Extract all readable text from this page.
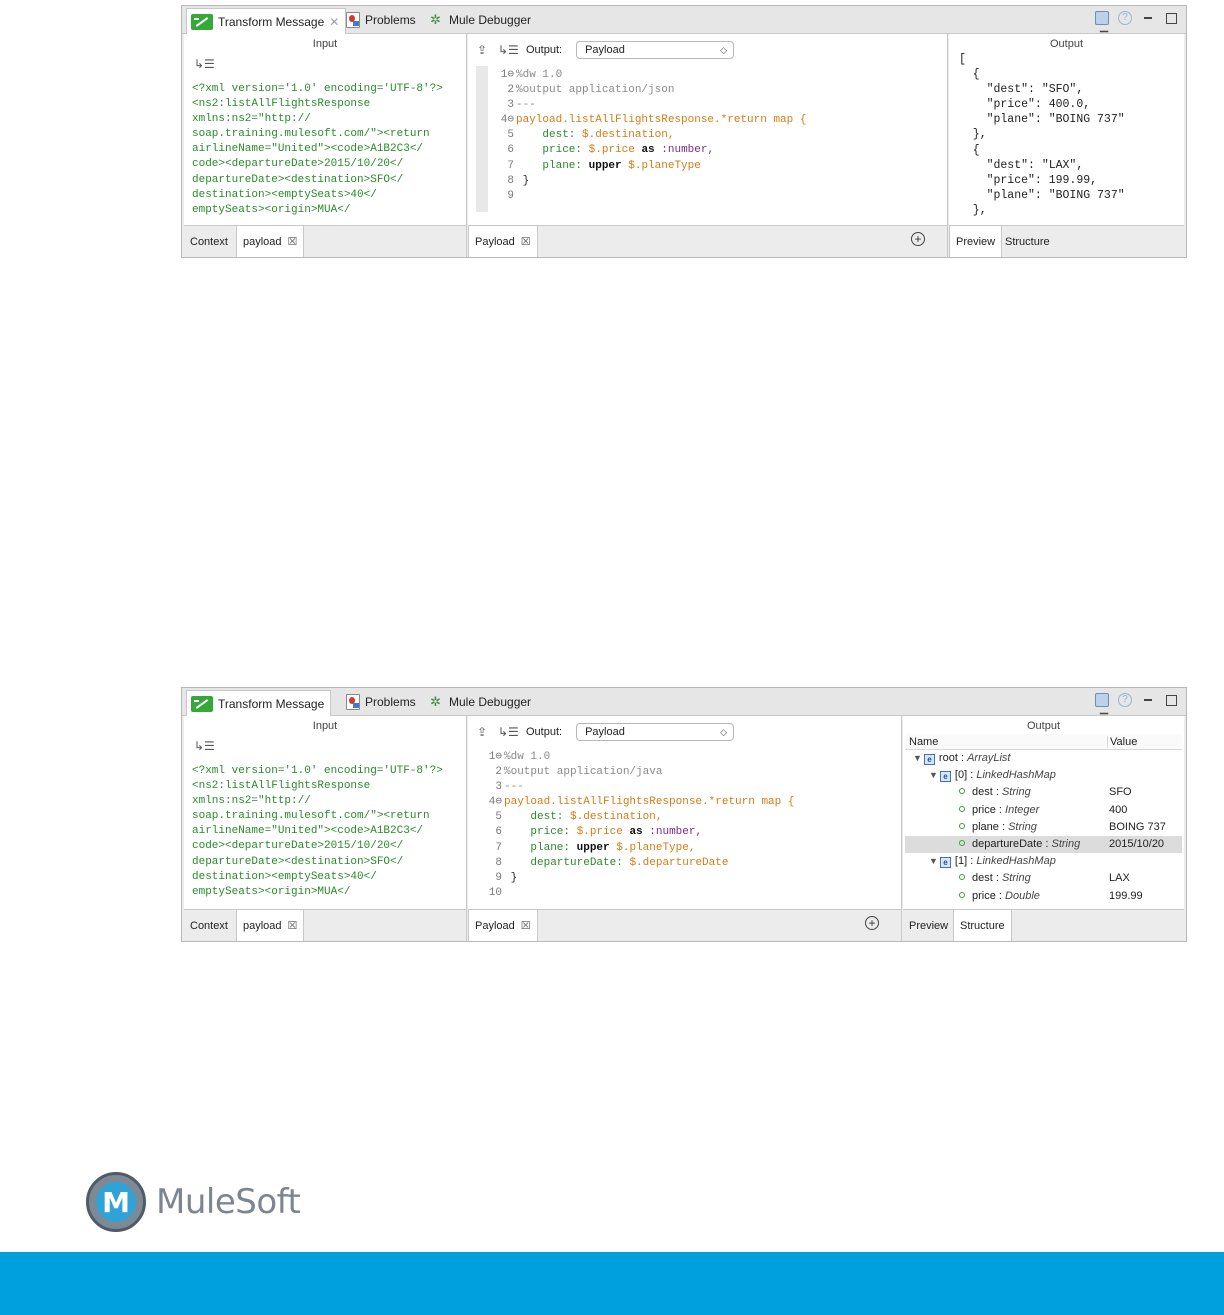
Transform Message ✕ Problems ✲ Mule Debugger	?
Input
↳☰
<?xml version='1.0' encoding='UTF-8'?>
<ns2:listAllFlightsResponse
xmlns:ns2="http://
soap.training.mulesoft.com/"><return
airlineName="United"><code>A1B2C3</
code><departureDate>2015/10/20</
departureDate><destination>SFO</
destination><emptySeats>40</
emptySeats><origin>MUA</
Context payload ☒
⇪ ↳☰ Output: Payload	◇
1⊖ %dw 1.0
2 %output application/json
3 ---
4⊖ payload.listAllFlightsResponse.*return map {
5	dest: $.destination,
6	price: $.price as :number,
7	plane: upper $.planeType
8 }
9
Payload ☒	+
Output
[
{
"dest": "SFO",
"price": 400.0,
"plane": "BOING 737"
},
{
"dest": "LAX",
"price": 199.99,
"plane": "BOING 737"
},
Preview Structure
Transform Message	Problems ✲ Mule Debugger	?
Input
↳☰
<?xml version='1.0' encoding='UTF-8'?>
<ns2:listAllFlightsResponse
xmlns:ns2="http://
soap.training.mulesoft.com/"><return
airlineName="United"><code>A1B2C3</
code><departureDate>2015/10/20</
departureDate><destination>SFO</
destination><emptySeats>40</
emptySeats><origin>MUA</
Context payload ☒
⇪ ↳☰ Output: Payload	◇
1⊖ %dw 1.0
2 %output application/java
3 ---
4⊖ payload.listAllFlightsResponse.*return map {
5	dest: $.destination,
6	price: $.price as :number,
7	plane: upper $.planeType,
8	departureDate: $.departureDate
9 }
10
Payload ☒	+
Output
Name	Value
▼ e root : ArrayList
▼ e [0] : LinkedHashMap
dest : String	SFO
price : Integer	400
plane : String	BOING 737
departureDate : String	2015/10/20
▼ e [1] : LinkedHashMap
dest : String	LAX
price : Double	199.99
Preview Structure
M MuleSoft
